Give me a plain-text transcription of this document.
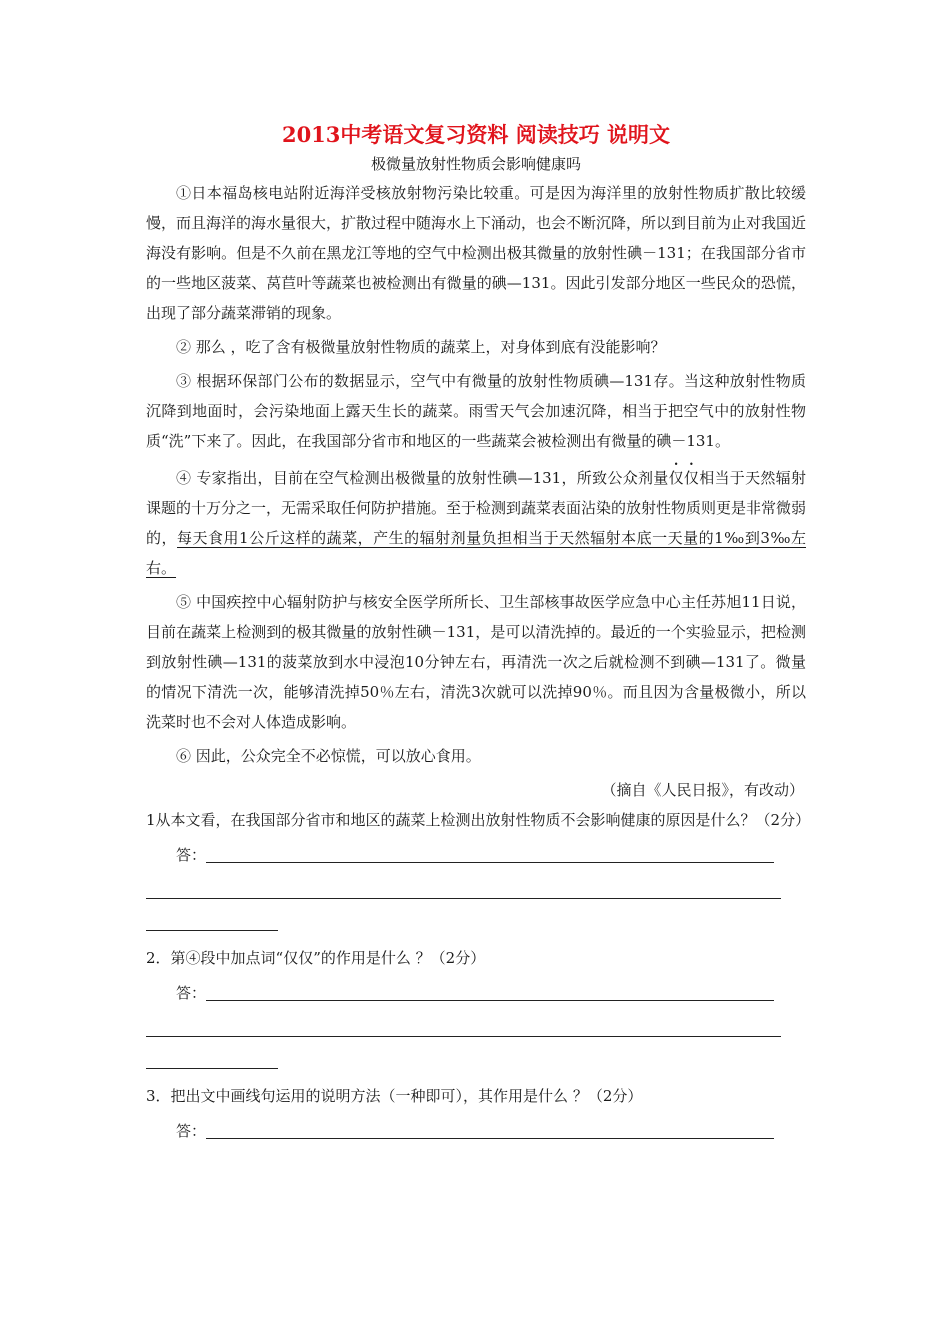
2013中考语文复习资料 阅读技巧 说明文

极微量放射性物质会影响健康吗

①日本福岛核电站附近海洋受核放射物污染比较重。可是因为海洋里的放射性物质扩散比较缓慢，而且海洋的海水量很大，扩散过程中随海水上下涌动，也会不断沉降，所以到目前为止对我国近海没有影响。但是不久前在黑龙江等地的空气中检测出极其微量的放射性碘－131；在我国部分省市的一些地区菠菜、莴苣叶等蔬菜也被检测出有微量的碘—131。因此引发部分地区一些民众的恐慌，出现了部分蔬菜滞销的现象。

② 那么 ，吃了含有极微量放射性物质的蔬菜上，对身体到底有没能影响？

③ 根据环保部门公布的数据显示，空气中有微量的放射性物质碘—131存。当这种放射性物质沉降到地面时，会污染地面上露天生长的蔬菜。雨雪天气会加速沉降，相当于把空气中的放射性物质“洗”下来了。因此，在我国部分省市和地区的一些蔬菜会被检测出有微量的碘－131。

④ 专家指出，目前在空气检测出极微量的放射性碘—131，所致公众剂量仅仅相当于天然辐射课题的十万分之一，无需采取任何防护措施。至于检测到蔬菜表面沾染的放射性物质则更是非常微弱的，每天食用1公斤这样的蔬菜，产生的辐射剂量负担相当于天然辐射本底一天量的1‰到3‰左右。

⑤ 中国疾控中心辐射防护与核安全医学所所长、卫生部核事故医学应急中心主任苏旭11日说，目前在蔬菜上检测到的极其微量的放射性碘－131，是可以清洗掉的。最近的一个实验显示，把检测到放射性碘—131的菠菜放到水中浸泡10分钟左右，再清洗一次之后就检测不到碘—131了。微量的情况下清洗一次，能够清洗掉50％左右，清洗3次就可以洗掉90％。而且因为含量极微小，所以洗菜时也不会对人体造成影响。

⑥ 因此，公众完全不必惊慌，可以放心食用。

（摘自《人民日报》，有改动）

1从本文看，在我国部分省市和地区的蔬菜上检测出放射性物质不会影响健康的原因是什么？（2分）

答：

2．第④段中加点词“仅仅”的作用是什么 ？（2分）

答：

3．把出文中画线句运用的说明方法（一种即可），其作用是什么 ？（2分）

答：
